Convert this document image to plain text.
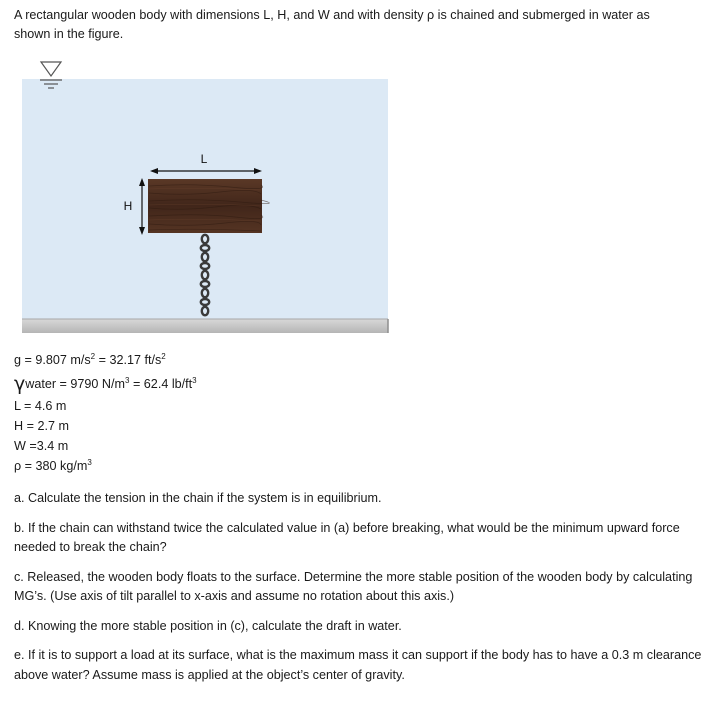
A rectangular wooden body with dimensions L, H, and W and with density ρ is chained and submerged in water as shown in the figure.

L
H
g = 9.807 $m/s^2 = 32.17$ $ft/s^2$
γwater = 9790 $N/m^3 = 62.4$ $lb/ft^3$
L = 4.6 m
H = 2.7 m
W =3.4 m
ρ = 380 $kg/m^3$
a. Calculate the tension in the chain if the system is in equilibrium.
b. If the chain can withstand twice the calculated value in (a) before breaking, what would be the minimum upward force needed to break the chain?
c. Released, the wooden body floats to the surface. Determine the more stable position of the wooden body by calculating MG’s. (Use axis of tilt parallel to x-axis and assume no rotation about this axis.)
d. Knowing the more stable position in (c), calculate the draft in water.
e. If it is to support a load at its surface, what is the maximum mass it can support if the body has to have a 0.3 m clearance above water? Assume mass is applied at the object’s center of gravity.
